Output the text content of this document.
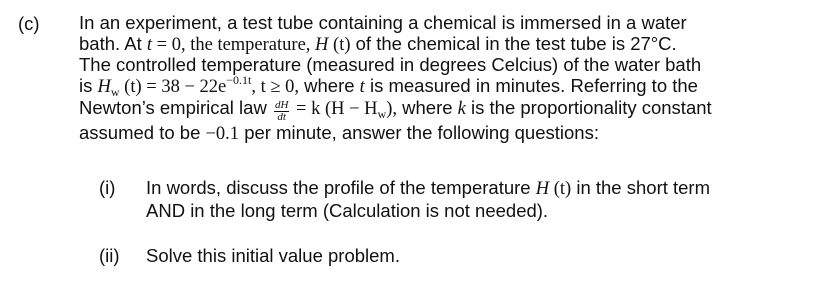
(c) In an experiment, a test tube containing a chemical is immersed in a water
bath. At t = 0, the temperature, H (t) of the chemical in the test tube is 27°C.
The controlled temperature (measured in degrees Celcius) of the water bath
is $H_w$ $(t) = 38 - 22e^{-0.1t}$, t ≥ 0, where t is measured in minutes. Referring to the
Newton’s empirical law $\frac{dH}{dt} = k$ $(H - H_w)$, where k is the proportionality constant
assumed to be −0.1 per minute, answer the following questions:
(i) In words, discuss the profile of the temperature H (t) in the short term
AND in the long term (Calculation is not needed).
(ii) Solve this initial value problem.
